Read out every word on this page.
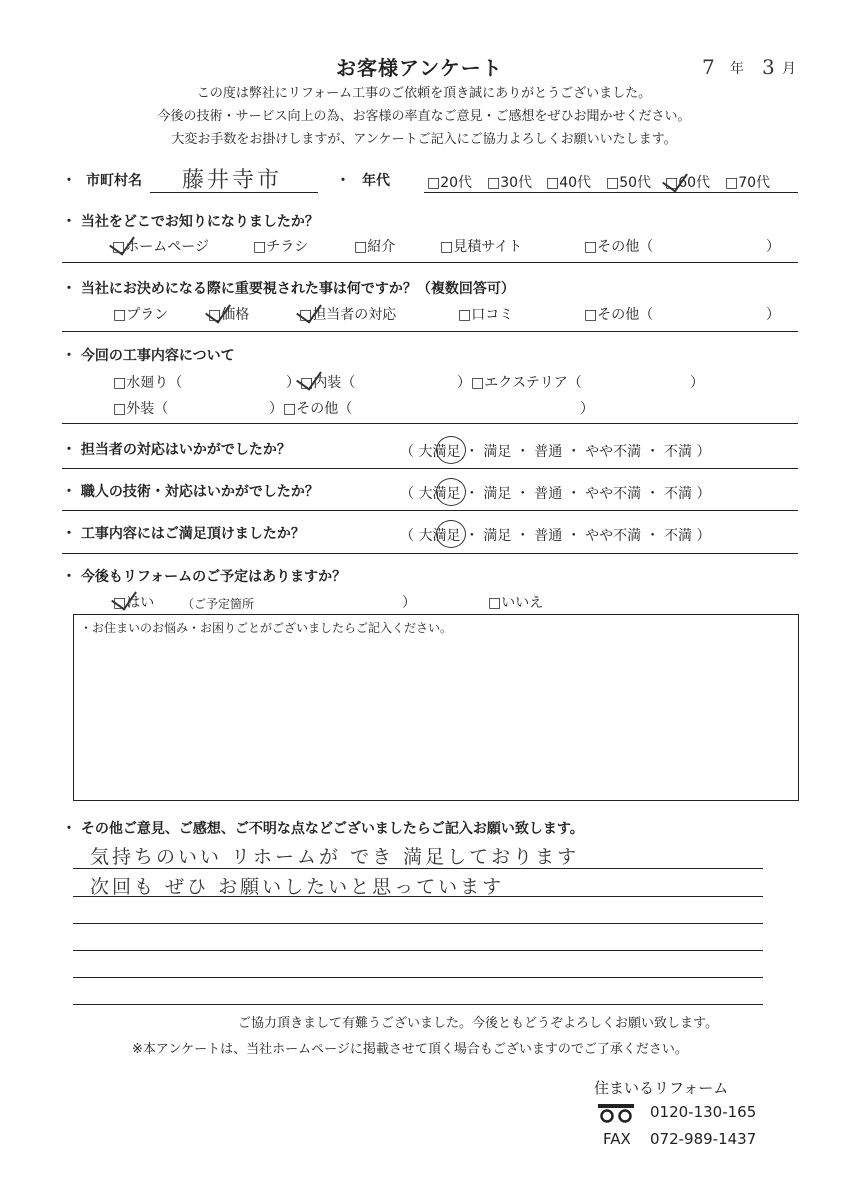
お客様アンケート	7 年 3 月
この度は弊社にリフォーム工事のご依頼を頂き誠にありがとうございました。
今後の技術・サービス向上の為、お客様の率直なご意見・ご感想をぜひお聞かせください。
大変お手数をお掛けしますが、アンケートご記入にご協力よろしくお願いいたします。
・ 市町村名 藤井寺市	・ 年代	□20代 □30代 □40代 □50代 □60代 □70代
・ 当社をどこでお知りになりましたか？
□ホームページ	□チラシ	□紹介	□見積サイト	□その他（	）
・ 当社にお決めになる際に重要視された事は何ですか？（複数回答可）
□プラン	□価格	□担当者の対応	□口コミ	□その他（	）
・ 今回の工事内容について
□水廻り（	）□内装（	）□エクステリア（	）
□外装（	）□その他（	）
・ 担当者の対応はいかがでしたか？	（ 大満足 ・ 満足 ・ 普通 ・ やや不満 ・ 不満 ）
・ 職人の技術・対応はいかがでしたか？	（ 大満足 ・ 満足 ・ 普通 ・ やや不満 ・ 不満 ）
・ 工事内容にはご満足頂けましたか？	（ 大満足 ・ 満足 ・ 普通 ・ やや不満 ・ 不満 ）
・ 今後もリフォームのご予定はありますか？
□はい （ご予定箇所	）	□いいえ
・お住まいのお悩み・お困りごとがございましたらご記入ください。
・ その他ご意見、ご感想、ご不明な点などございましたらご記入お願い致します。
気持ちのいい リホームが でき 満足しております
次回も ぜひ お願いしたいと思っています
ご協力頂きまして有難うございました。今後ともどうぞよろしくお願い致します。
※本アンケートは、当社ホームページに掲載させて頂く場合もございますのでご了承ください。
住まいるリフォーム
0120-130-165
FAX 072-989-1437
